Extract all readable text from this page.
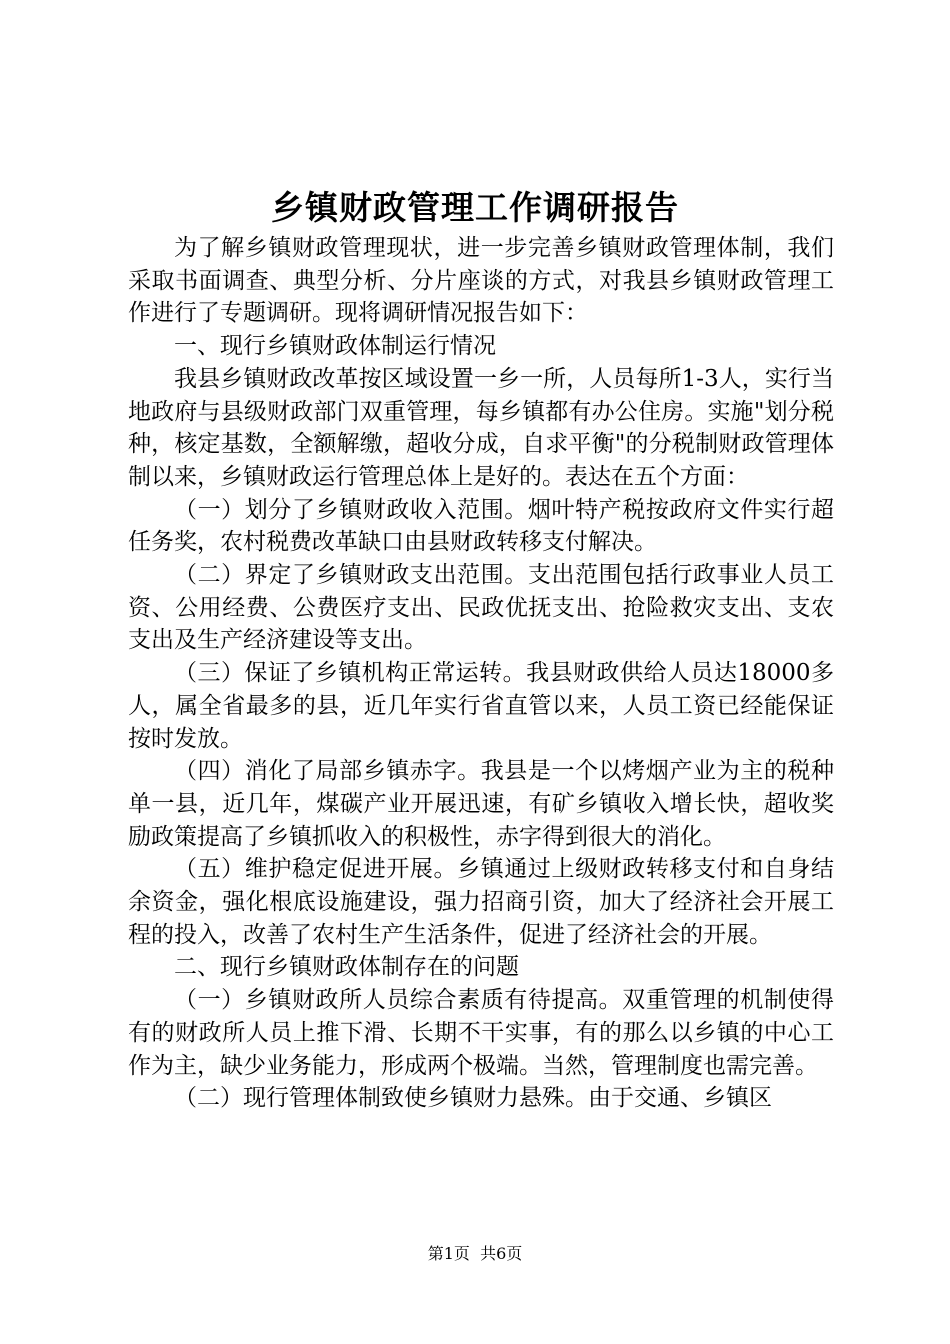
乡镇财政管理工作调研报告

为了解乡镇财政管理现状，进一步完善乡镇财政管理体制，我们采取书面调查、典型分析、分片座谈的方式，对我县乡镇财政管理工作进行了专题调研。现将调研情况报告如下：

一、现行乡镇财政体制运行情况

我县乡镇财政改革按区域设置一乡一所，人员每所1-3人，实行当地政府与县级财政部门双重管理，每乡镇都有办公住房。实施"划分税种，核定基数，全额解缴，超收分成，自求平衡"的分税制财政管理体制以来，乡镇财政运行管理总体上是好的。表达在五个方面：

（一）划分了乡镇财政收入范围。烟叶特产税按政府文件实行超任务奖，农村税费改革缺口由县财政转移支付解决。

（二）界定了乡镇财政支出范围。支出范围包括行政事业人员工资、公用经费、公费医疗支出、民政优抚支出、抢险救灾支出、支农支出及生产经济建设等支出。

（三）保证了乡镇机构正常运转。我县财政供给人员达18000多人，属全省最多的县，近几年实行省直管以来，人员工资已经能保证按时发放。

（四）消化了局部乡镇赤字。我县是一个以烤烟产业为主的税种单一县，近几年，煤碳产业开展迅速，有矿乡镇收入增长快，超收奖励政策提高了乡镇抓收入的积极性，赤字得到很大的消化。

（五）维护稳定促进开展。乡镇通过上级财政转移支付和自身结余资金，强化根底设施建设，强力招商引资，加大了经济社会开展工程的投入，改善了农村生产生活条件，促进了经济社会的开展。

二、现行乡镇财政体制存在的问题

（一）乡镇财政所人员综合素质有待提高。双重管理的机制使得有的财政所人员上推下滑、长期不干实事，有的那么以乡镇的中心工作为主，缺少业务能力，形成两个极端。当然，管理制度也需完善。

（二）现行管理体制致使乡镇财力悬殊。由于交通、乡镇区

第1页 共6页
